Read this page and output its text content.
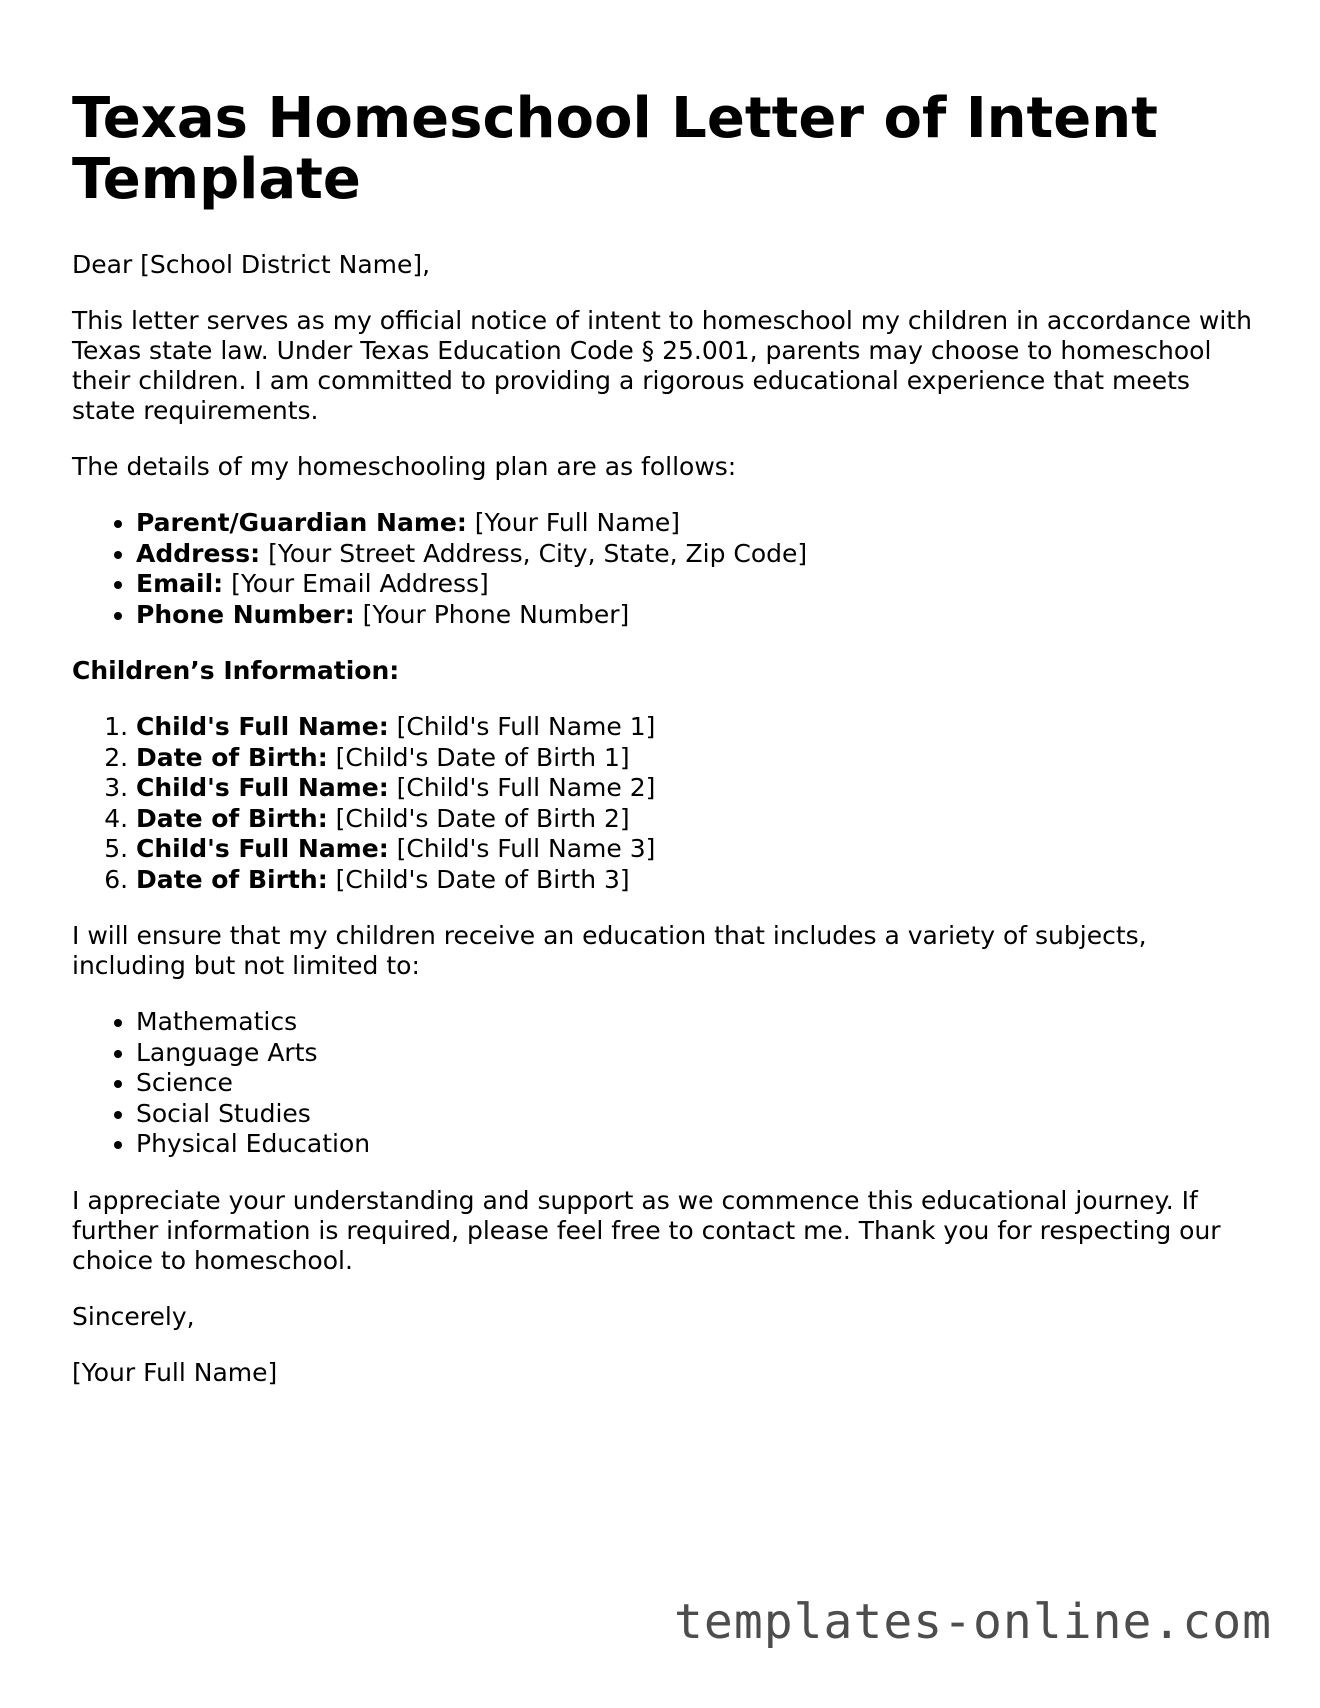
Texas Homeschool Letter of Intent Template

Dear [School District Name],

This letter serves as my official notice of intent to homeschool my children in accordance with Texas state law. Under Texas Education Code § 25.001, parents may choose to homeschool their children. I am committed to providing a rigorous educational experience that meets state requirements.

The details of my homeschooling plan are as follows:

• Parent/Guardian Name: [Your Full Name]
• Address: [Your Street Address, City, State, Zip Code]
• Email: [Your Email Address]
• Phone Number: [Your Phone Number]

Children’s Information:

1. Child's Full Name: [Child's Full Name 1]
2. Date of Birth: [Child's Date of Birth 1]
3. Child's Full Name: [Child's Full Name 2]
4. Date of Birth: [Child's Date of Birth 2]
5. Child's Full Name: [Child's Full Name 3]
6. Date of Birth: [Child's Date of Birth 3]

I will ensure that my children receive an education that includes a variety of subjects, including but not limited to:

• Mathematics
• Language Arts
• Science
• Social Studies
• Physical Education

I appreciate your understanding and support as we commence this educational journey. If further information is required, please feel free to contact me. Thank you for respecting our choice to homeschool.

Sincerely,

[Your Full Name]

templates-online.com
